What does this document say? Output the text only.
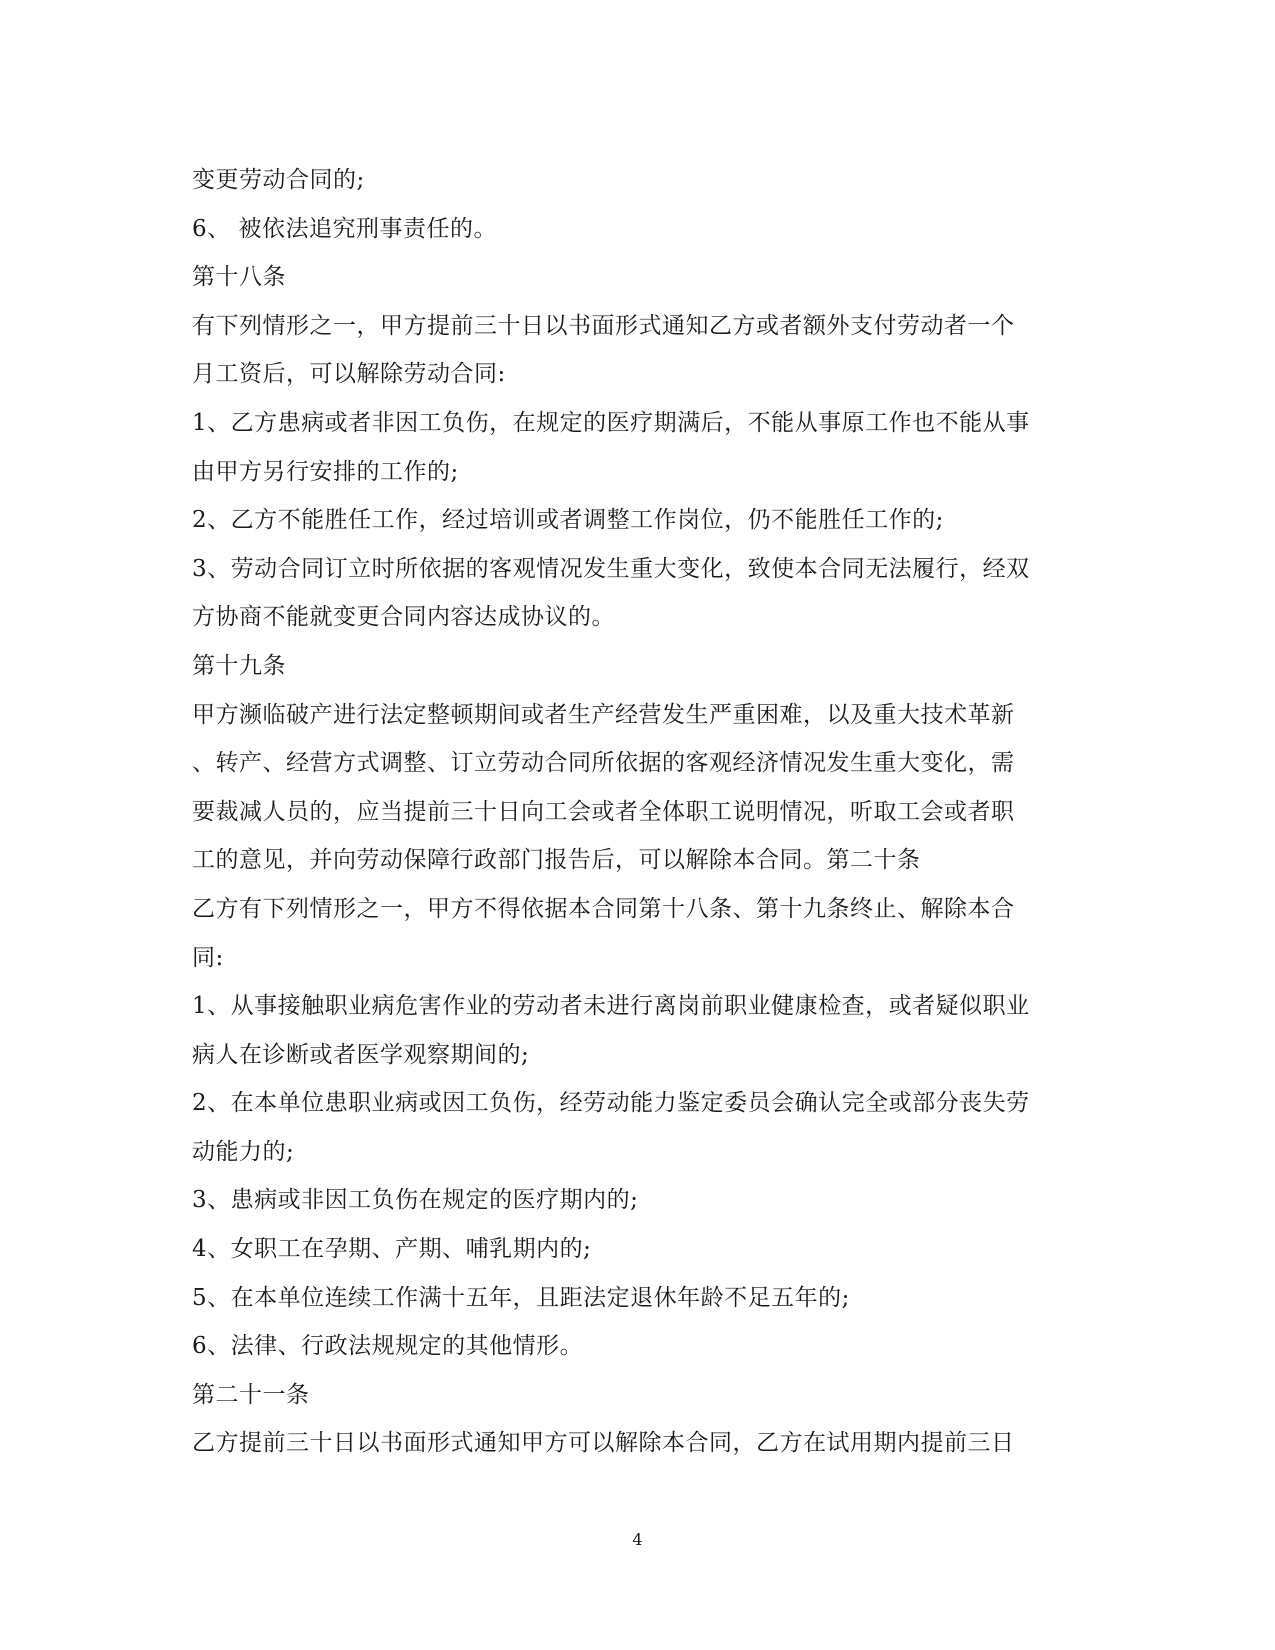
变更劳动合同的;
6、 被依法追究刑事责任的。
第十八条
有下列情形之一，甲方提前三十日以书面形式通知乙方或者额外支付劳动者一个
月工资后，可以解除劳动合同:
1、乙方患病或者非因工负伤，在规定的医疗期满后，不能从事原工作也不能从事
由甲方另行安排的工作的;
2、乙方不能胜任工作，经过培训或者调整工作岗位，仍不能胜任工作的;
3、劳动合同订立时所依据的客观情况发生重大变化，致使本合同无法履行，经双
方协商不能就变更合同内容达成协议的。
第十九条
甲方濒临破产进行法定整顿期间或者生产经营发生严重困难，以及重大技术革新
、转产、经营方式调整、订立劳动合同所依据的客观经济情况发生重大变化，需
要裁减人员的，应当提前三十日向工会或者全体职工说明情况，听取工会或者职
工的意见，并向劳动保障行政部门报告后，可以解除本合同。第二十条
乙方有下列情形之一，甲方不得依据本合同第十八条、第十九条终止、解除本合
同:
1、从事接触职业病危害作业的劳动者未进行离岗前职业健康检查，或者疑似职业
病人在诊断或者医学观察期间的;
2、在本单位患职业病或因工负伤，经劳动能力鉴定委员会确认完全或部分丧失劳
动能力的;
3、患病或非因工负伤在规定的医疗期内的;
4、女职工在孕期、产期、哺乳期内的;
5、在本单位连续工作满十五年，且距法定退休年龄不足五年的;
6、法律、行政法规规定的其他情形。
第二十一条
乙方提前三十日以书面形式通知甲方可以解除本合同，乙方在试用期内提前三日
4
